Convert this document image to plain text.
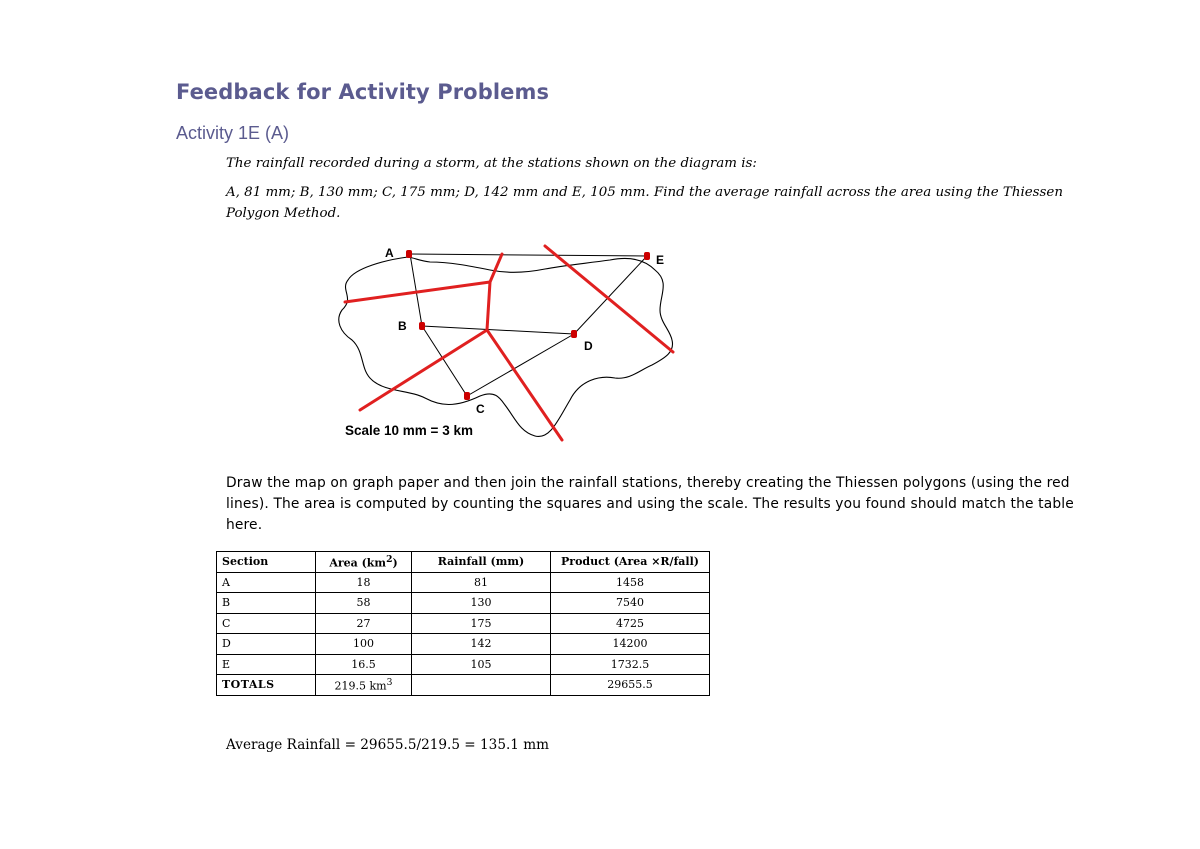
Feedback for Activity Problems
Activity 1E (A)
The rainfall recorded during a storm, at the stations shown on the diagram is:
A, 81 mm; B, 130 mm; C, 175 mm; D, 142 mm and E, 105 mm. Find the average rainfall across the area using the Thiessen Polygon Method.
A
B
C
D
E
Scale 10 mm = 3 km
Draw the map on graph paper and then join the rainfall stations, thereby creating the Thiessen polygons (using the red lines). The area is computed by counting the squares and using the scale. The results you found should match the table here.
Section	Area $(km^2)$	Rainfall (mm)	Product (Area ×R/fall)
A	18	81	1458
B	58	130	7540
C	27	175	4725
D	100	142	14200
E	16.5	105	1732.5
TOTALS	219.5 $km^3$		29655.5
Average Rainfall = 29655.5/219.5 = 135.1 mm
